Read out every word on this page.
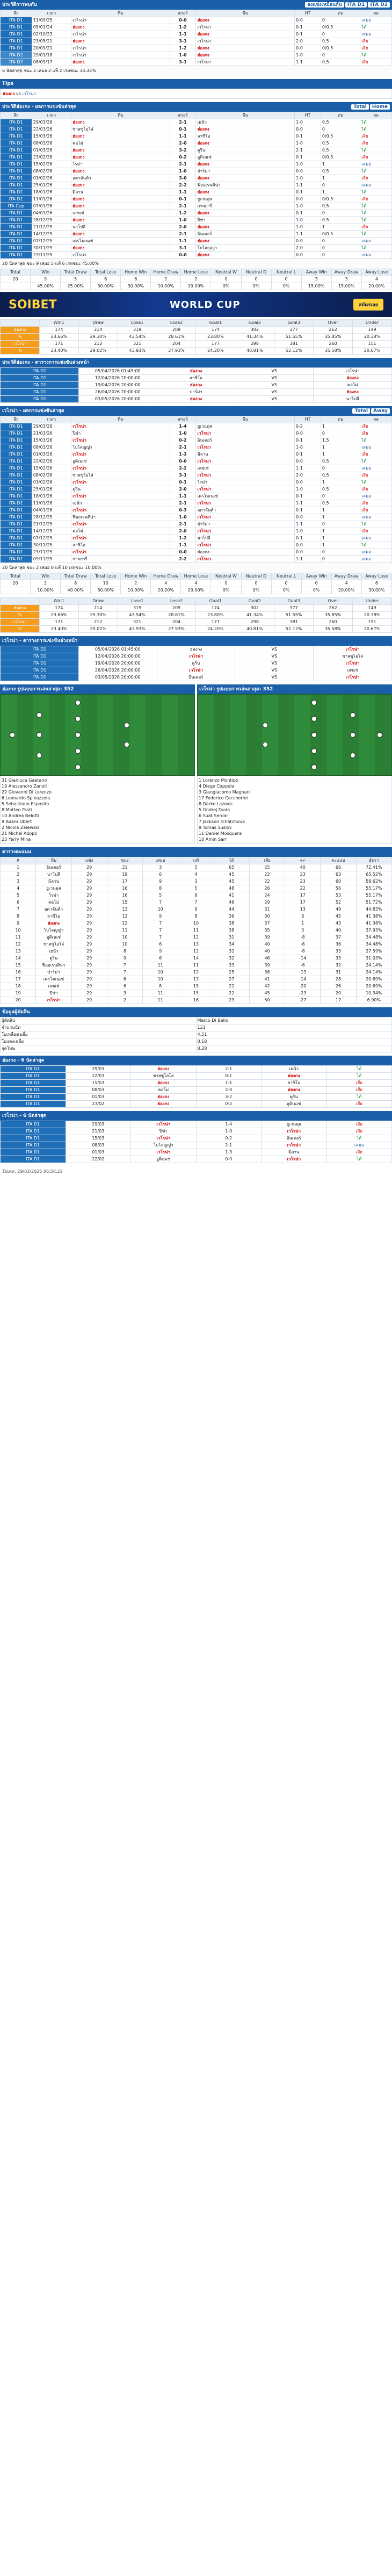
ประวัติการพบกัน	ลงแข่งเหมือนกัน ITA D1 ITA D2
ลีก	เวลา	ทีม	สกอร์	ทีม	HT	ต่อ	ผล
ITA D1	11/09/25	เวโรน่า	0-0	ฮ่องกง	0-0	0	เสมอ
ITA D1	05/01/24	ฮ่องกง	1-2	เวโรน่า	0-1	0/0.5	ได้
ITA D1	02/10/23	เวโรน่า	1-1	ฮ่องกง	0-1	0	เสมอ
ITA D1	23/05/21	ฮ่องกง	3-1	เวโรน่า	2-0	0.5	เสีย
ITA D1	20/09/21	เวโรน่า	1-2	ฮ่องกง	0-0	0/0.5	เสีย
ITA D2	29/01/18	เวโรน่า	1-0	ฮ่องกง	1-0	0	ได้
ITA D2	08/09/17	ฮ่องกง	3-1	เวโรน่า	1-1	0.5	เสีย
6 นัดล่าสุด ชนะ 2 เสมอ 2 แพ้ 2 เรทชนะ 33.33%
Tips
ฮ่องกง vs เวโรน่า
ประวัติฮ่องกง - ผลการแข่งขันล่าสุด	Total Home
ลีก	เวลา	ทีม	สกอร์	ทีม	HT	ต่อ	ผล
ITA D1	29/03/26	ฮ่องกง	2-1	เยนัว	1-0	0.5	ได้
ITA D1	22/03/26	ซาสซูโอโล่	0-1	ฮ่องกง	0-0	0	ได้
ITA D1	15/03/26	ฮ่องกง	1-1	ลาซิโอ	0-1	0/0.5	เสีย
ITA D1	08/03/26	คอโม่	2-0	ฮ่องกง	1-0	0.5	เสีย
ITA D1	01/03/26	ฮ่องกง	3-2	ตูริน	2-1	0.5	ได้
ITA D1	23/02/26	ฮ่องกง	0-2	อูดิเนเซ่	0-1	0/0.5	เสีย
ITA D1	15/02/26	โรม่า	2-1	ฮ่องกง	1-0	1	เสมอ
ITA D1	08/02/26	ฮ่องกง	1-0	ปาร์ม่า	0-0	0.5	ได้
ITA D1	01/02/26	อตาลันต้า	3-0	ฮ่องกง	1-0	1	เสีย
ITA D1	25/01/26	ฮ่องกง	2-2	ฟิออเรนติน่า	1-1	0	เสมอ
ITA D1	18/01/26	มิลาน	1-1	ฮ่องกง	0-1	1	ได้
ITA D1	11/01/26	ฮ่องกง	0-1	ยูเวนตุส	0-0	0/0.5	เสีย
ITA Cup	07/01/26	ฮ่องกง	2-1	กาลยารี	1-0	0.5	ได้
ITA D1	04/01/26	เลชเช่	1-2	ฮ่องกง	0-1	0	ได้
ITA D1	28/12/25	ฮ่องกง	1-0	ปิซ่า	1-0	0.5	ได้
ITA D1	21/12/25	นาโปลี	2-0	ฮ่องกง	1-0	1	เสีย
ITA D1	14/12/25	ฮ่องกง	2-1	อินเตอร์	1-1	0/0.5	ได้
ITA D1	07/12/25	เครโมเนเซ่	1-1	ฮ่องกง	0-0	0	เสมอ
ITA D1	30/11/25	ฮ่องกง	3-1	โบโลญญ่า	2-0	0	ได้
ITA D1	23/11/25	เวโรน่า	0-0	ฮ่องกง	0-0	0	เสมอ
20 นัดล่าสุด ชนะ 9 เสมอ 5 แพ้ 6 เรทชนะ 45.00%
Total	Win	Total Draw	Total Lose	Home Win	Home Draw	Home Lose	Neutral W	Neutral D	Neutral L	Away Win	Away Draw	Away Lose
20	9	5	6	6	2	2	0	0	0	3	3	4
	45.00%	25.00%	30.00%	30.00%	10.00%	10.00%	0%	0%	0%	15.00%	15.00%	20.00%
SOIBET	WORLD CUP	สมัครเลย
	Win1	Draw	Lose1	Lose2	Goal1	Goal2	Goal3	Over	Under
ฮ่องกง	174	214	319	209	174	302	377	262	149
%	23.66%	29.30%	43.54%	28.61%	23.80%	41.34%	51.55%	35.85%	20.38%
เวโรน่า	171	212	321	204	177	298	381	260	151
%	23.40%	29.02%	43.93%	27.93%	24.20%	40.81%	52.12%	35.58%	20.67%
ประวัติฮ่องกง - ตารางการแข่งขันล่วงหน้า
ITA D1	05/04/2026 01:45:00	ฮ่องกง	VS	เวโรน่า
ITA D1	12/04/2026 20:00:00	ลาซิโอ	VS	ฮ่องกง
ITA D1	19/04/2026 20:00:00	ฮ่องกง	VS	คอโม่
ITA D1	26/04/2026 20:00:00	ปาร์ม่า	VS	ฮ่องกง
ITA D1	03/05/2026 20:00:00	ฮ่องกง	VS	นาโปลี
เวโรน่า - ผลการแข่งขันล่าสุด	Total Away
ลีก	เวลา	ทีม	สกอร์	ทีม	HT	ต่อ	ผล
ITA D1	29/03/26	เวโรน่า	1-4	ยูเวนตุส	0-2	1	เสีย
ITA D1	21/03/26	ปิซ่า	1-0	เวโรน่า	0-0	0	เสีย
ITA D1	15/03/26	เวโรน่า	0-2	อินเตอร์	0-1	1.5	ได้
ITA D1	08/03/26	โบโลญญ่า	2-1	เวโรน่า	1-0	1	เสมอ
ITA D1	01/03/26	เวโรน่า	1-3	มิลาน	0-1	1	เสีย
ITA D1	22/02/26	อูดิเนเซ่	0-0	เวโรน่า	0-0	0.5	ได้
ITA D1	15/02/26	เวโรน่า	2-2	เลชเช่	1-1	0	เสมอ
ITA D1	08/02/26	ซาสซูโอโล่	3-1	เวโรน่า	2-0	0.5	เสีย
ITA D1	01/02/26	เวโรน่า	0-1	โรม่า	0-0	1	ได้
ITA D1	25/01/26	ตูริน	2-0	เวโรน่า	1-0	0.5	เสีย
ITA D1	18/01/26	เวโรน่า	1-1	เครโมเนเซ่	0-1	0	เสมอ
ITA D1	11/01/26	เยนัว	2-1	เวโรน่า	1-1	0.5	เสีย
ITA D1	04/01/26	เวโรน่า	0-3	อตาลันต้า	0-1	1	เสีย
ITA D1	28/12/25	ฟิออเรนติน่า	1-0	เวโรน่า	0-0	1	เสมอ
ITA D1	21/12/25	เวโรน่า	2-1	ปาร์ม่า	1-1	0	ได้
ITA D1	14/12/25	คอโม่	2-0	เวโรน่า	1-0	1	เสีย
ITA D1	07/12/25	เวโรน่า	1-2	นาโปลี	0-1	1	เสมอ
ITA D1	30/11/25	ลาซิโอ	1-1	เวโรน่า	0-0	1	ได้
ITA D1	23/11/25	เวโรน่า	0-0	ฮ่องกง	0-0	0	เสมอ
ITA D1	09/11/25	กาลยารี	2-2	เวโรน่า	1-1	0	เสมอ
20 นัดล่าสุด ชนะ 2 เสมอ 8 แพ้ 10 เรทชนะ 10.00%
Total	Win	Total Draw	Total Lose	Home Win	Home Draw	Home Lose	Neutral W	Neutral D	Neutral L	Away Win	Away Draw	Away Lose
20	2	8	10	2	4	4	0	0	0	0	4	6
	10.00%	40.00%	50.00%	10.00%	20.00%	20.00%	0%	0%	0%	0%	20.00%	30.00%
	Win1	Draw	Lose1	Lose2	Goal1	Goal2	Goal3	Over	Under
ฮ่องกง	174	214	319	209	174	302	377	262	149
%	23.66%	29.30%	43.54%	28.61%	23.80%	41.34%	51.55%	35.85%	20.38%
เวโรน่า	171	212	321	204	177	298	381	260	151
%	23.40%	29.02%	43.93%	27.93%	24.20%	40.81%	52.12%	35.58%	20.67%
เวโรน่า - ตารางการแข่งขันล่วงหน้า
ITA D1	05/04/2026 01:45:00	ฮ่องกง	VS	เวโรน่า
ITA D1	12/04/2026 20:00:00	เวโรน่า	VS	ซาสซูโอโล่
ITA D1	19/04/2026 20:00:00	ตูริน	VS	เวโรน่า
ITA D1	26/04/2026 20:00:00	เวโรน่า	VS	เลชเช่
ITA D1	03/05/2026 20:00:00	อินเตอร์	VS	เวโรน่า
ฮ่องกง รูปแบบการเล่นล่าสุด: 352	เวโรน่า รูปแบบการเล่นล่าสุด: 352
31 Gianluca Gaetano
19 Alessandro Zanoli
22 Giovanni Di Lorenzo
6 Leonardo Spinazzola
5 Sebastiano Esposito
8 Matteo Prati
10 Andrea Belotti
9 Adam Obert
2 Nicola Zalewski
21 Michel Adopo
23 Yerry Mina
1 Lorenzo Montipo
4 Diego Coppola
3 Giangiacomo Magnani
17 Federico Ceccherini
8 Darko Lazovic
5 Ondrej Duda
6 Suat Serdar
7 Jackson Tchatchoua
9 Tomas Suslov
11 Daniel Mosquera
10 Amin Sarr
ตารางคะแนน
#	ทีม	แข่ง	ชนะ	เสมอ	แพ้	ได้	เสีย	+/-	คะแนน	อัตรา
1	อินเตอร์	29	21	3	5	65	25	40	66	72.41%
2	นาโปลี	29	19	6	4	45	22	23	63	65.52%
3	มิลาน	29	17	9	3	45	22	23	60	58.62%
4	ยูเวนตุส	29	16	8	5	48	26	22	56	55.17%
5	โรม่า	29	16	5	8	41	24	17	53	55.17%
6	คอโม่	29	15	7	7	46	29	17	52	51.72%
7	อตาลันต้า	29	13	10	6	44	31	13	49	44.83%
8	ลาซิโอ	29	12	9	8	36	30	6	45	41.38%
9	ฮ่องกง	29	12	7	10	38	37	1	43	41.38%
10	โบโลญญ่า	29	11	7	11	38	35	3	40	37.93%
11	อูดิเนเซ่	29	10	7	12	31	39	-8	37	34.48%
12	ซาสซูโอโล่	29	10	6	13	34	40	-6	36	34.48%
13	เยนัว	29	8	9	12	32	40	-8	33	27.59%
14	ตูริน	29	9	6	14	32	46	-14	33	31.03%
15	ฟิออเรนติน่า	29	7	11	11	33	39	-6	32	24.14%
16	ปาร์ม่า	29	7	10	12	25	38	-13	31	24.14%
17	เครโมเนเซ่	29	6	10	13	27	41	-14	28	20.69%
18	เลชเช่	29	6	8	15	22	42	-20	26	20.69%
19	ปิซ่า	29	3	11	15	22	45	-23	20	10.34%
20	เวโรน่า	29	2	11	16	23	50	-27	17	6.90%
ข้อมูลผู้ตัดสิน
ผู้ตัดสิน	Marco Di Bello
จำนวนนัด	121
ใบเหลืองเฉลี่ย	4.51
ใบแดงเฉลี่ย	0.18
จุดโทษ	0.28
ฮ่องกง - 6 นัดล่าสุด
ITA D1	29/03	ฮ่องกง	2-1	เยนัว	ได้
ITA D1	22/03	ซาสซูโอโล่	0-1	ฮ่องกง	ได้
ITA D1	15/03	ฮ่องกง	1-1	ลาซิโอ	เสีย
ITA D1	08/03	คอโม่	2-0	ฮ่องกง	เสีย
ITA D1	01/03	ฮ่องกง	3-2	ตูริน	ได้
ITA D1	23/02	ฮ่องกง	0-2	อูดิเนเซ่	เสีย
เวโรน่า - 6 นัดล่าสุด
ITA D1	29/03	เวโรน่า	1-4	ยูเวนตุส	เสีย
ITA D1	21/03	ปิซ่า	1-0	เวโรน่า	เสีย
ITA D1	15/03	เวโรน่า	0-2	อินเตอร์	ได้
ITA D1	08/03	โบโลญญ่า	2-1	เวโรน่า	เสมอ
ITA D1	01/03	เวโรน่า	1-3	มิลาน	เสีย
ITA D1	22/02	อูดิเนเซ่	0-0	เวโรน่า	ได้
อัปเดต: 29/03/2026 06:58:22
